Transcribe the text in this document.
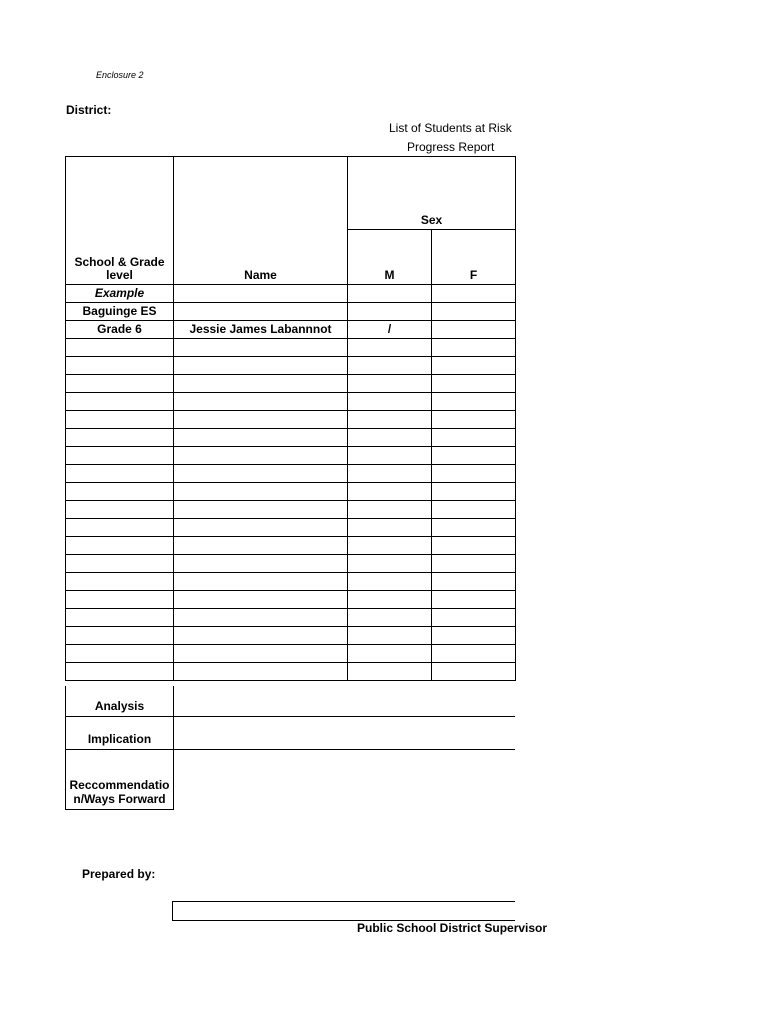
Enclosure 2
District:
List of Students at Risk
Progress Report
School & Grade level	Name	Sex	
		M	F
Example			
Baguinge ES			
Grade 6	Jessie James Labannnot	/	

Analysis	
Implication	
Reccommendation/Ways Forward	
Prepared by:
Public School District Supervisor
